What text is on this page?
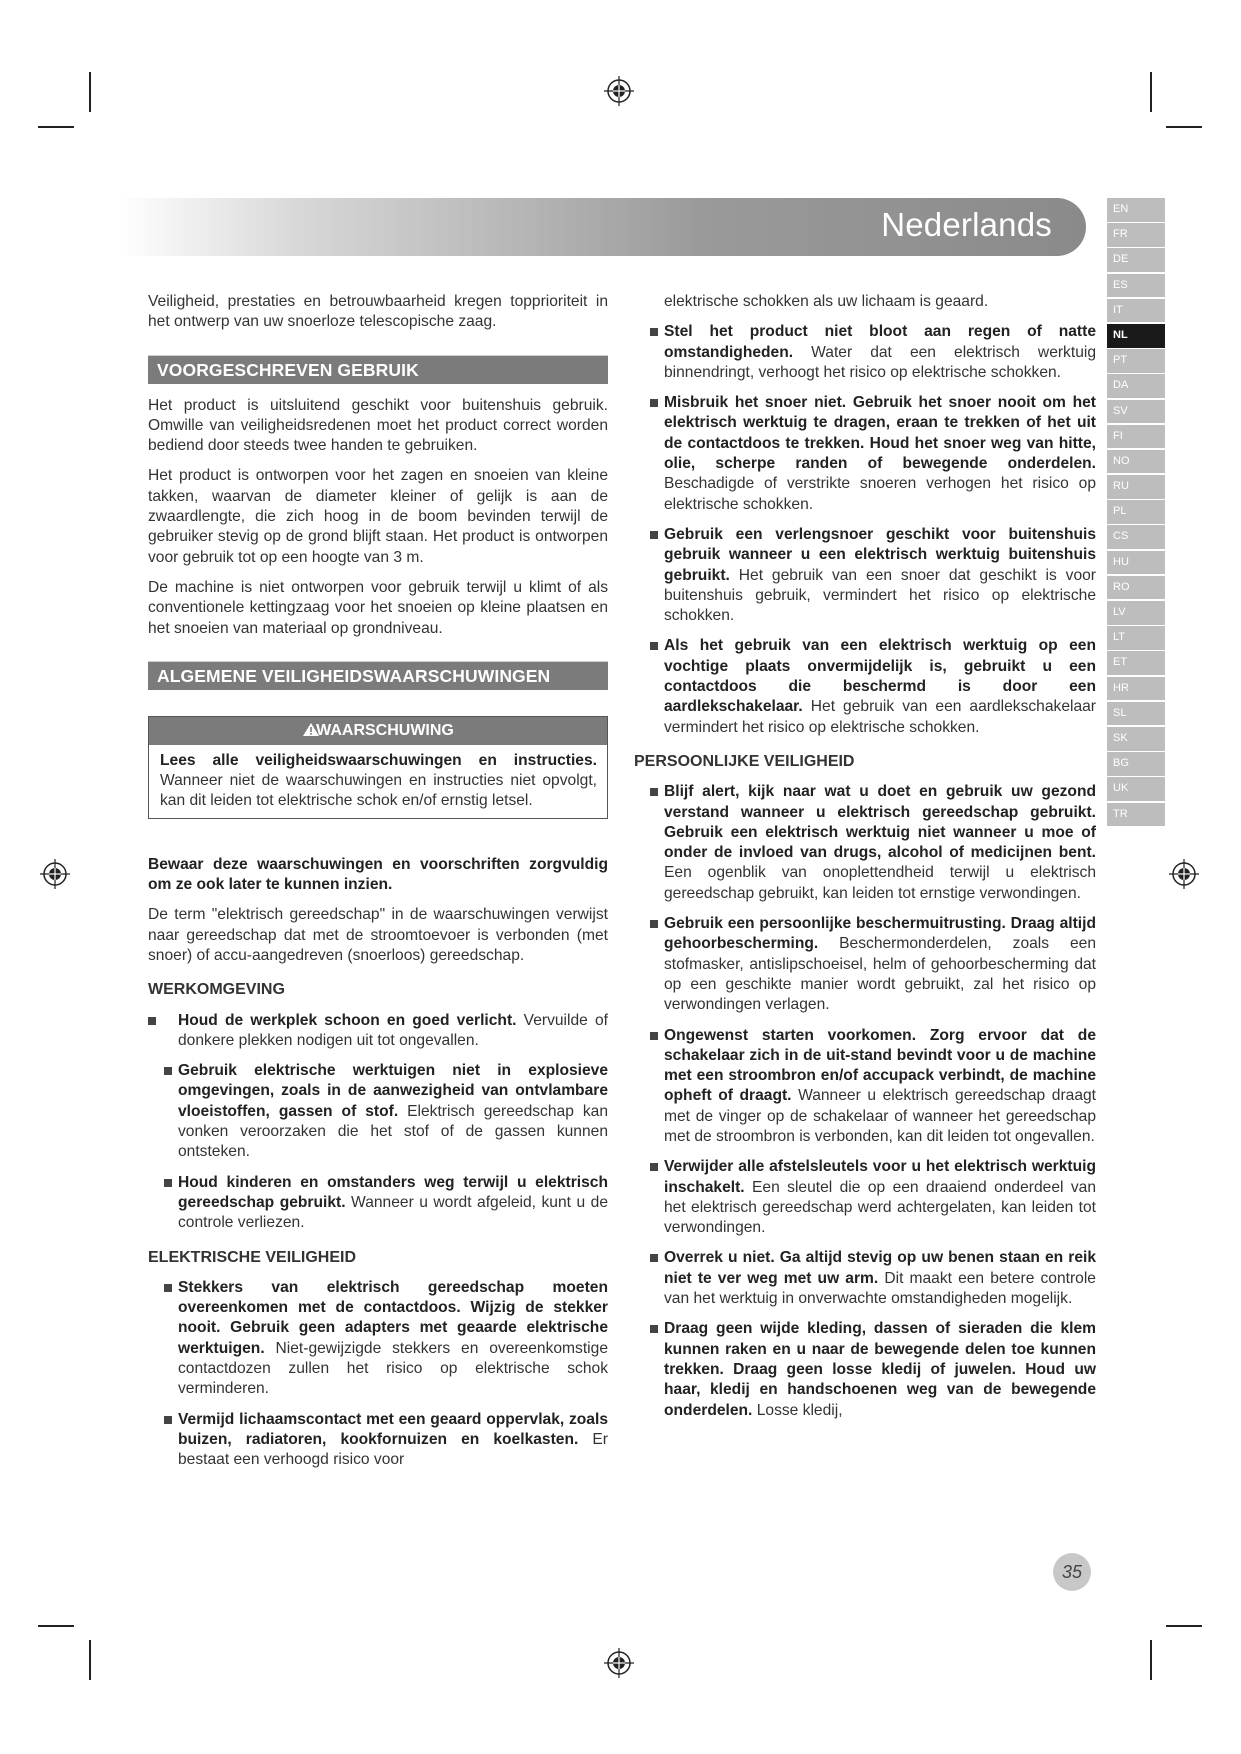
Nederlands	EN
FR
DE
ES
IT
NL
PT
DA
SV
FI
NO
RU
PL
CS
HU
RO
LV
LT
ET
HR
SL
SK
BG
UK
TR

Veiligheid, prestaties en betrouwbaarheid kregen topprioriteit in het ontwerp van uw snoerloze telescopische zaag.

VOORGESCHREVEN GEBRUIK

Het product is uitsluitend geschikt voor buitenshuis gebruik. Omwille van veiligheidsredenen moet het product correct worden bediend door steeds twee handen te gebruiken.

Het product is ontworpen voor het zagen en snoeien van kleine takken, waarvan de diameter kleiner of gelijk is aan de zwaardlengte, die zich hoog in de boom bevinden terwijl de gebruiker stevig op de grond blijft staan. Het product is ontworpen voor gebruik tot op een hoogte van 3 m.

De machine is niet ontworpen voor gebruik terwijl u klimt of als conventionele kettingzaag voor het snoeien op kleine plaatsen en het snoeien van materiaal op grondniveau.

ALGEMENE VEILIGHEIDSWAARSCHUWINGEN
WAARSCHUWING

Lees alle veiligheidswaarschuwingen en instructies. Wanneer niet de waarschuwingen en instructies niet opvolgt, kan dit leiden tot elektrische schok en/of ernstig letsel.

Bewaar deze waarschuwingen en voorschriften zorgvuldig om ze ook later te kunnen inzien.

De term "elektrisch gereedschap" in de waarschuwingen verwijst naar gereedschap dat met de stroomtoevoer is verbonden (met snoer) of accu-aangedreven (snoerloos) gereedschap.

WERKOMGEVING
Houd de werkplek schoon en goed verlicht. Vervuilde of donkere plekken nodigen uit tot ongevallen.
Gebruik elektrische werktuigen niet in explosieve omgevingen, zoals in de aanwezigheid van ontvlambare vloeistoffen, gassen of stof. Elektrisch gereedschap kan vonken veroorzaken die het stof of de gassen kunnen ontsteken.
Houd kinderen en omstanders weg terwijl u elektrisch gereedschap gebruikt. Wanneer u wordt afgeleid, kunt u de controle verliezen.
ELEKTRISCHE VEILIGHEID
Stekkers van elektrisch gereedschap moeten overeenkomen met de contactdoos. Wijzig de stekker nooit. Gebruik geen adapters met geaarde elektrische werktuigen. Niet-gewijzigde stekkers en overeenkomstige contactdozen zullen het risico op elektrische schok verminderen.
Vermijd lichaamscontact met een geaard oppervlak, zoals buizen, radiatoren, kookfornuizen en koelkasten. Er bestaat een verhoogd risico voor

elektrische schokken als uw lichaam is geaard.

Stel het product niet bloot aan regen of natte omstandigheden. Water dat een elektrisch werktuig binnendringt, verhoogt het risico op elektrische schokken.
Misbruik het snoer niet. Gebruik het snoer nooit om het elektrisch werktuig te dragen, eraan te trekken of het uit de contactdoos te trekken. Houd het snoer weg van hitte, olie, scherpe randen of bewegende onderdelen. Beschadigde of verstrikte snoeren verhogen het risico op elektrische schokken.
Gebruik een verlengsnoer geschikt voor buitenshuis gebruik wanneer u een elektrisch werktuig buitenshuis gebruikt. Het gebruik van een snoer dat geschikt is voor buitenshuis gebruik, vermindert het risico op elektrische schokken.
Als het gebruik van een elektrisch werktuig op een vochtige plaats onvermijdelijk is, gebruikt u een contactdoos die beschermd is door een aardlekschakelaar. Het gebruik van een aardlekschakelaar vermindert het risico op elektrische schokken.
PERSOONLIJKE VEILIGHEID
Blijf alert, kijk naar wat u doet en gebruik uw gezond verstand wanneer u elektrisch gereedschap gebruikt. Gebruik een elektrisch werktuig niet wanneer u moe of onder de invloed van drugs, alcohol of medicijnen bent. Een ogenblik van onoplettendheid terwijl u elektrisch gereedschap gebruikt, kan leiden tot ernstige verwondingen.
Gebruik een persoonlijke beschermuitrusting. Draag altijd gehoorbescherming. Beschermonderdelen, zoals een stofmasker, antislipschoeisel, helm of gehoorbescherming dat op een geschikte manier wordt gebruikt, zal het risico op verwondingen verlagen.
Ongewenst starten voorkomen. Zorg ervoor dat de schakelaar zich in de uit-stand bevindt voor u de machine met een stroombron en/of accupack verbindt, de machine opheft of draagt. Wanneer u elektrisch gereedschap draagt met de vinger op de schakelaar of wanneer het gereedschap met de stroombron is verbonden, kan dit leiden tot ongevallen.
Verwijder alle afstelsleutels voor u het elektrisch werktuig inschakelt. Een sleutel die op een draaiend onderdeel van het elektrisch gereedschap werd achtergelaten, kan leiden tot verwondingen.
Overrek u niet. Ga altijd stevig op uw benen staan en reik niet te ver weg met uw arm. Dit maakt een betere controle van het werktuig in onverwachte omstandigheden mogelijk.
Draag geen wijde kleding, dassen of sieraden die klem kunnen raken en u naar de bewegende delen toe kunnen trekken. Draag geen losse kledij of juwelen. Houd uw haar, kledij en handschoenen weg van de bewegende onderdelen. Losse kledij,
35
